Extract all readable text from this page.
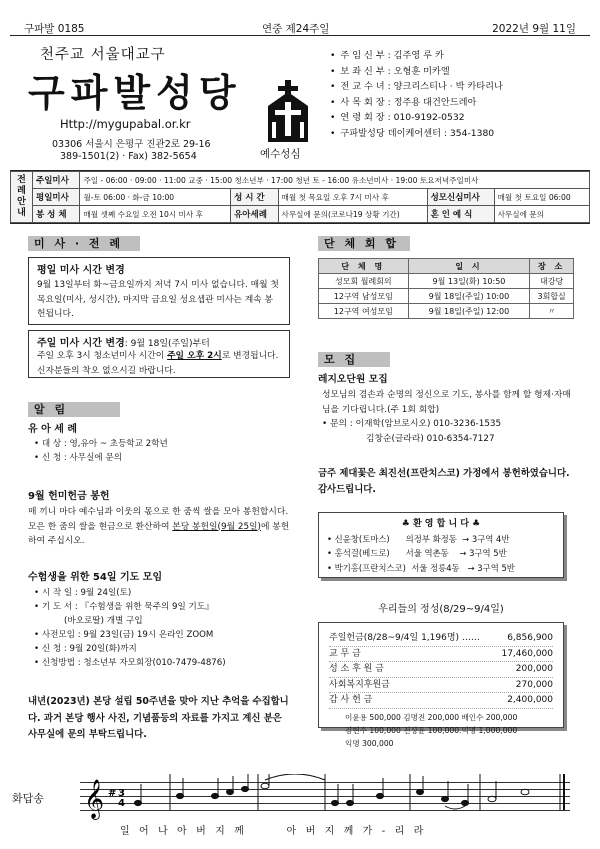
구파발 0185	연중 제24주일	2022년 9월 11일
천주교 서울대교구
구파발성당
Http://mygupabal.or.kr
03306 서울시 은평구 진관2로 29-16
389-1501(2) · Fax) 382-5654	예수성심
• 주 임 신 부 : 김주영 루 카
• 보 좌 신 부 : 오형훈 미카엘
• 전 교 수 녀 : 양크리스티나 · 박 카타리나
• 사 목 회 장 : 정주용 대건안드레아
• 연 령 회 장 : 010-9192-0532
• 구파발성당 데이케어센터 : 354-1380
전례안내	주일미사	주일 - 06:00 · 09:00 · 11:00 교중 · 15:00 청소년부 · 17:00 청년 토 - 16:00 유소년미사 · 19:00 토요저녁주일미사				
	평일미사	월-토 06:00 · 화-금 10:00	성 시 간	매월 첫 목요일 오후 7시 미사 후	성모신심미사	매월 첫 토요일 06:00
	봉 성 체	매월 셋째 수요일 오전 10시 미사 후	유아세례	사무실에 문의(코로나19 상황 기간)	혼 인 예 식	사무실에 문의
미 사 · 전 례
평일 미사 시간 변경
9월 13일부터 화~금요일까지 저녁 7시 미사 없습니다. 매월 첫 목요일(미사, 성시간), 마지막 금요일 성요셉관 미사는 계속 봉헌됩니다.
주일 미사 시간 변경: 9월 18일(주일)부터
주일 오후 3시 청소년미사 시간이 주일 오후 2시로 변경됩니다. 신자분들의 착오 없으시길 바랍니다.
알 림
유 아 세 례
• 대 상 : 영,유아 ~ 초등학교 2학년
• 신 청 : 사무실에 문의
9월 헌미헌금 봉헌
매 끼니 마다 예수님과 이웃의 몫으로 한 줌씩 쌀을 모아 봉헌합시다. 모은 한 줌의 쌀을 현금으로 환산하여 본당 봉헌일(9월 25일)에 봉헌하여 주십시오.
수험생을 위한 54일 기도 모임
• 시 작 일 : 9월 24일(토)
• 기 도 서 : 『수험생을 위한 묵주의 9일 기도』
(바오로딸) 개별 구입
• 사전모임 : 9월 23일(금) 19시 온라인 ZOOM
• 신 청 : 9월 20일(화)까지
• 신청방법 : 청소년부 자모회장(010-7479-4876)
내년(2023년) 본당 설립 50주년을 맞아 지난 추억을 수집합니다. 과거 본당 행사 사진, 기념품등의 자료를 가지고 계신 분은 사무실에 문의 부탁드립니다.
단 체 회 합
단 체 명	일 시	장 소
성모회 월례회의	9월 13일(화) 10:50	대강당
12구역 남성모임	9월 18일(주일) 10:00	3회합실
12구역 여성모임	9월 18일(주일) 12:00	〃
모 집
레지오단원 모집
성모님의 겸손과 순명의 정신으로 기도, 봉사를 함께 할 형제·자매님을 기다립니다.(주 1회 회합)
• 문의 : 이재학(암브로시오) 010-3236-1535
김창순(글라라) 010-6354-7127
금주 제대꽃은 최진선(프란치스코) 가정에서 봉헌하였습니다. 감사드립니다.
♣ 환 영 합 니 다 ♣
• 신윤창(토마스)      의정부 화정동  → 3구역 4반
• 홍석걸(베드로)      서울 역촌동    → 3구역 5반
• 박기홍(프란치스코)  서울 정릉4동   → 3구역 5반
우리들의 정성(8/29~9/4일)
주일헌금(8/28~9/4일 1,196명) ……	6,856,900
교 무 금	17,460,000
성 소 후 원 금	200,000
사회복지후원금	270,000
감 사 헌 금	2,400,000
이윤용 500,000 김명진 200,000 배인수 200,000
김현수 100,000 전상윤 100,000.익명 1,000,000
익명 300,000
화답송 𝄞 # 3
4
일  어  나  아  버  지  께          아  버  지  께  가  -  리  라
